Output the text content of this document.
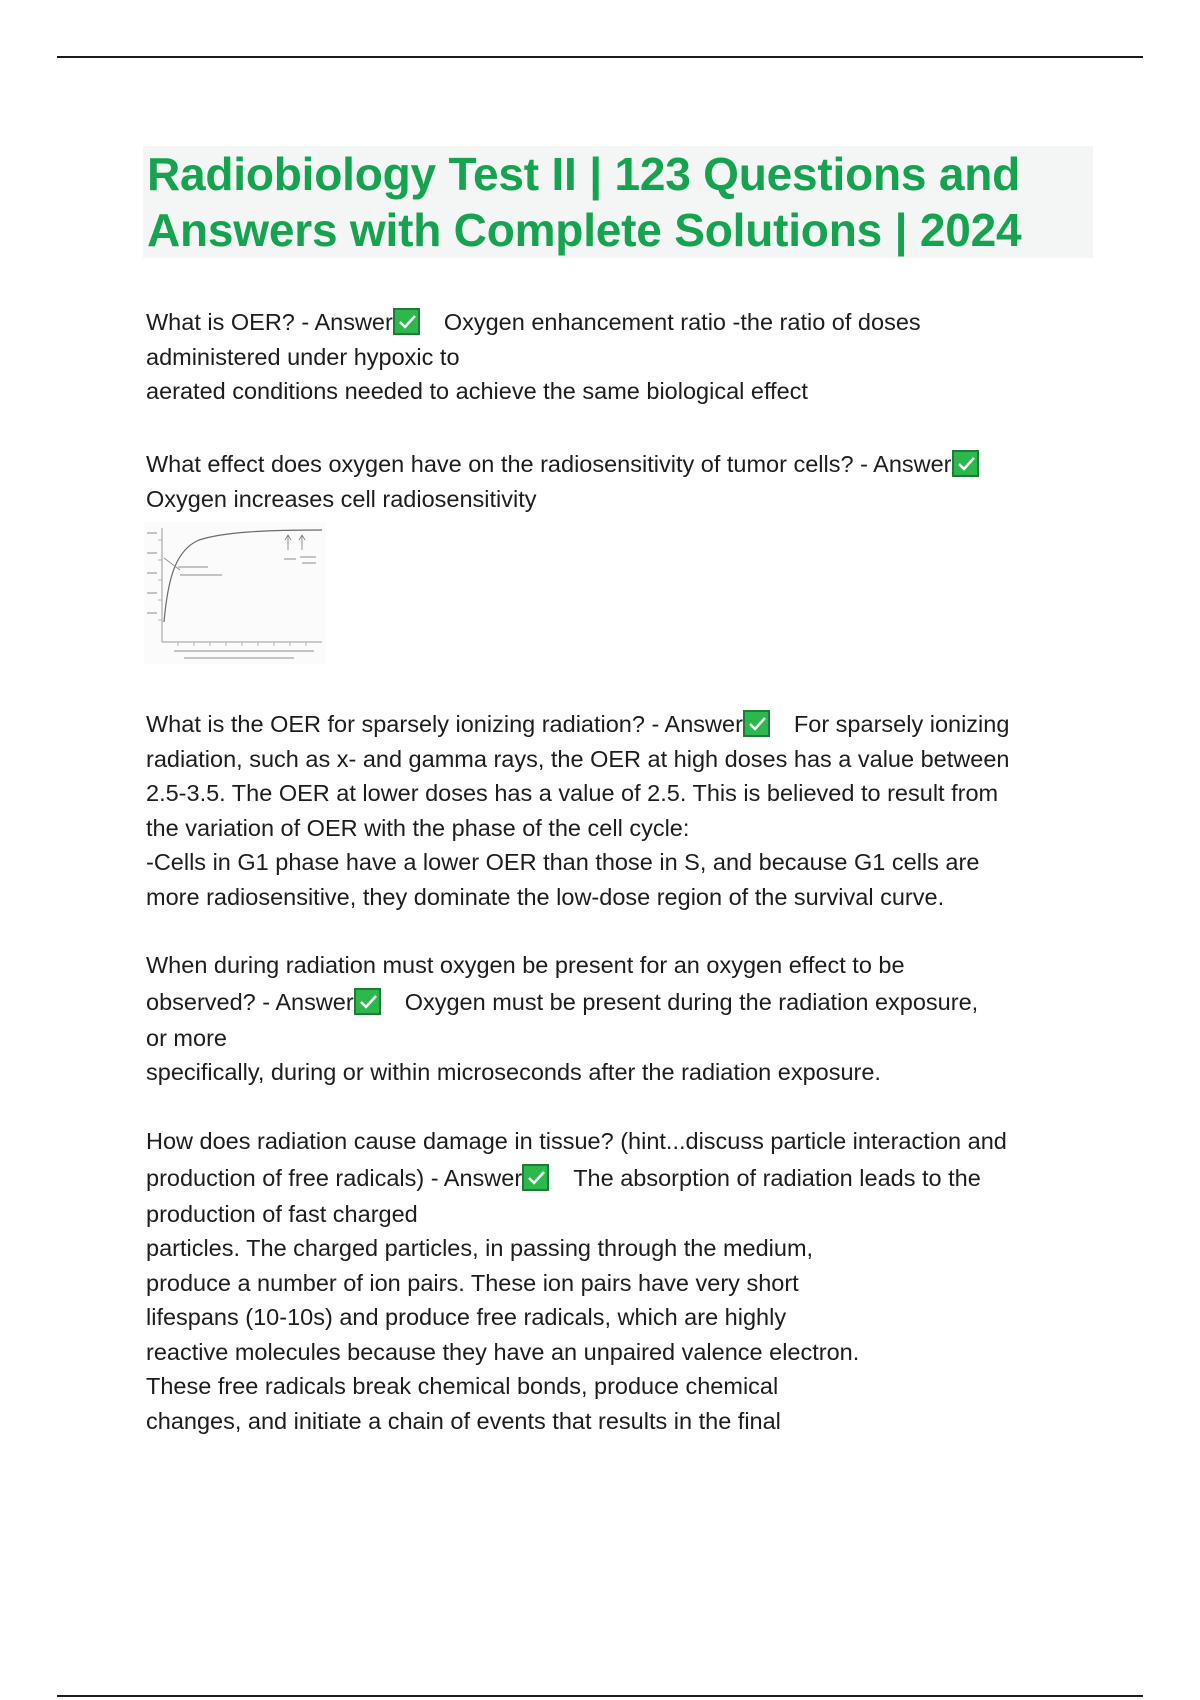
Radiobiology Test II | 123 Questions and
Answers with Complete Solutions | 2024
What is OER? - Answer Oxygen enhancement ratio -the ratio of doses
administered under hypoxic to
aerated conditions needed to achieve the same biological effect
What effect does oxygen have on the radiosensitivity of tumor cells? - Answer
Oxygen increases cell radiosensitivity
What is the OER for sparsely ionizing radiation? - Answer For sparsely ionizing
radiation, such as x- and gamma rays, the OER at high doses has a value between
2.5-3.5. The OER at lower doses has a value of 2.5. This is believed to result from
the variation of OER with the phase of the cell cycle:
-Cells in G1 phase have a lower OER than those in S, and because G1 cells are
more radiosensitive, they dominate the low-dose region of the survival curve.
When during radiation must oxygen be present for an oxygen effect to be
observed? - Answer Oxygen must be present during the radiation exposure,
or more
specifically, during or within microseconds after the radiation exposure.
How does radiation cause damage in tissue? (hint...discuss particle interaction and
production of free radicals) - Answer The absorption of radiation leads to the
production of fast charged
particles. The charged particles, in passing through the medium,
produce a number of ion pairs. These ion pairs have very short
lifespans (10-10s) and produce free radicals, which are highly
reactive molecules because they have an unpaired valence electron.
These free radicals break chemical bonds, produce chemical
changes, and initiate a chain of events that results in the final
